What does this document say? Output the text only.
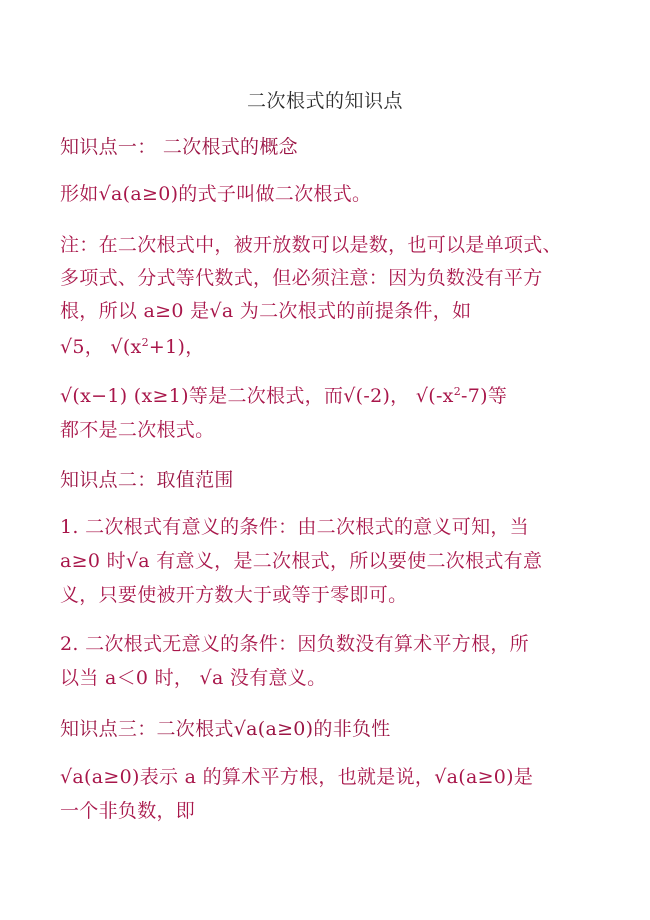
二次根式的知识点
知识点一： 二次根式的概念
形如√a(a≥0)的式子叫做二次根式。
注：在二次根式中，被开放数可以是数，也可以是单项式、
多项式、分式等代数式，但必须注意：因为负数没有平方
根，所以 a≥0 是√a 为二次根式的前提条件，如
√5， $√(x^2+1)$，
√(x−1) (x≥1)等是二次根式，而√(-2)， $√(-x^2-7)$等
都不是二次根式。
知识点二：取值范围
1. 二次根式有意义的条件：由二次根式的意义可知，当
a≥0 时√a 有意义，是二次根式，所以要使二次根式有意
义，只要使被开方数大于或等于零即可。
2. 二次根式无意义的条件：因负数没有算术平方根，所
以当 a＜0 时， √a 没有意义。
知识点三：二次根式√a(a≥0)的非负性
√a(a≥0)表示 a 的算术平方根，也就是说，√a(a≥0)是
一个非负数，即
